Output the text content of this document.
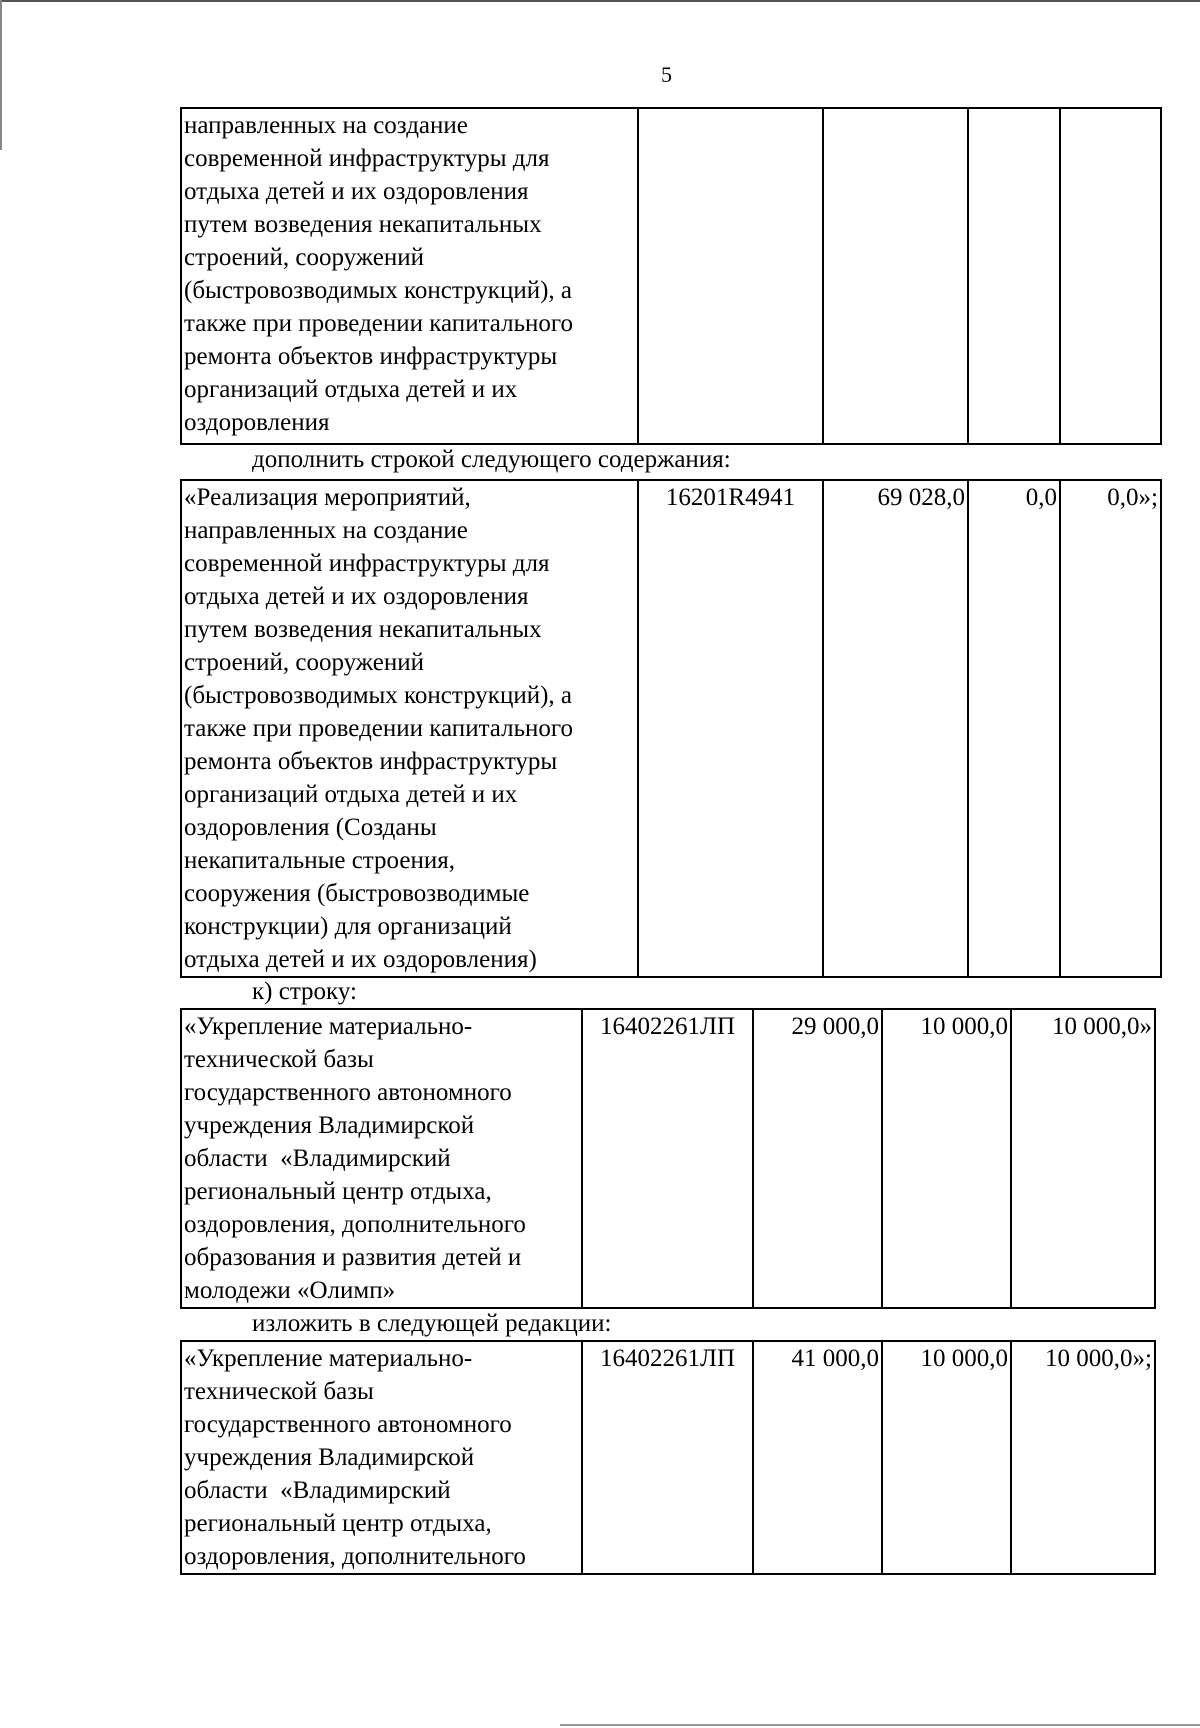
5
направленных на создание
современной инфраструктуры для
отдыха детей и их оздоровления
путем возведения некапитальных
строений, сооружений
(быстровозводимых конструкций), а
также при проведении капитального
ремонта объектов инфраструктуры
организаций отдыха детей и их
оздоровления

дополнить строкой следующего содержания:
«Реализация мероприятий,
направленных на создание
современной инфраструктуры для
отдыха детей и их оздоровления
путем возведения некапитальных
строений, сооружений
(быстровозводимых конструкций), а
также при проведении капитального
ремонта объектов инфраструктуры
организаций отдыха детей и их
оздоровления (Созданы
некапитальные строения,
сооружения (быстровозводимые
конструкции) для организаций
отдыха детей и их оздоровления)
	16201R4941	69 028,0	0,0	0,0»;
к) строку:
«Укрепление материально-
технической базы
государственного автономного
учреждения Владимирской
области  «Владимирский
региональный центр отдыха,
оздоровления, дополнительного
образования и развития детей и
молодежи «Олимп»
	16402261ЛП	29 000,0	10 000,0	10 000,0»
изложить в следующей редакции:
«Укрепление материально-
технической базы
государственного автономного
учреждения Владимирской
области  «Владимирский
региональный центр отдыха,
оздоровления, дополнительного
	16402261ЛП	41 000,0	10 000,0	10 000,0»;
